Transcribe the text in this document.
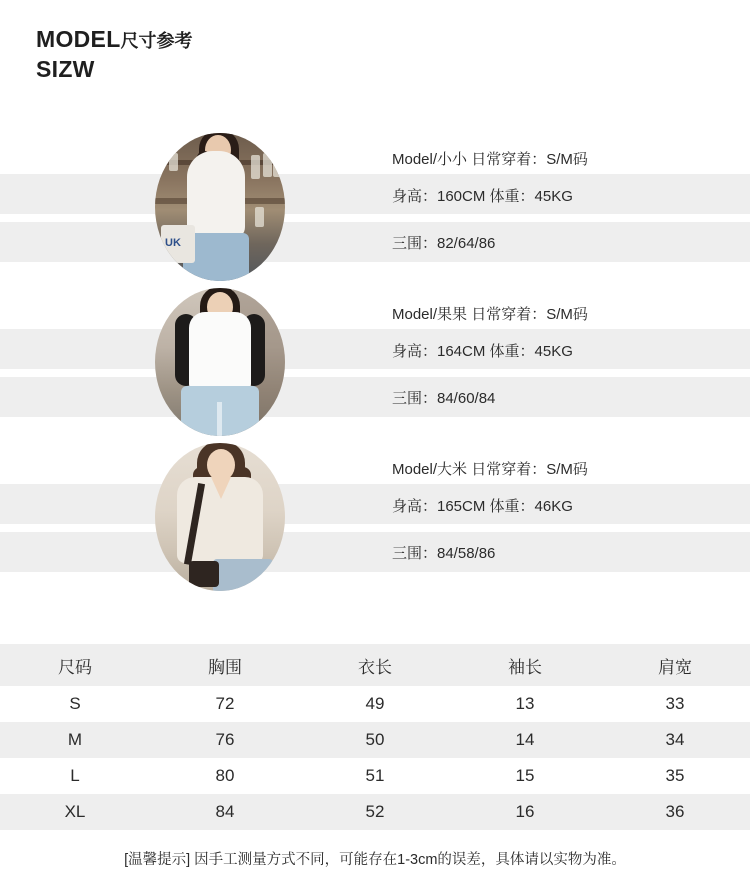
MODEL尺寸参考
SIZW
UK
Model/小小 日常穿着：S/M码
身高：160CM 体重：45KG
三围：82/64/86
Model/果果 日常穿着：S/M码
身高：164CM 体重：45KG
三围：84/60/84
Model/大米 日常穿着：S/M码
身高：165CM 体重：46KG
三围：84/58/86
尺码	胸围	衣长	袖长	肩宽
S	72	49	13	33
M	76	50	14	34
L	80	51	15	35
XL	84	52	16	36
[温馨提示] 因手工测量方式不同，可能存在1-3cm的误差，具体请以实物为准。
